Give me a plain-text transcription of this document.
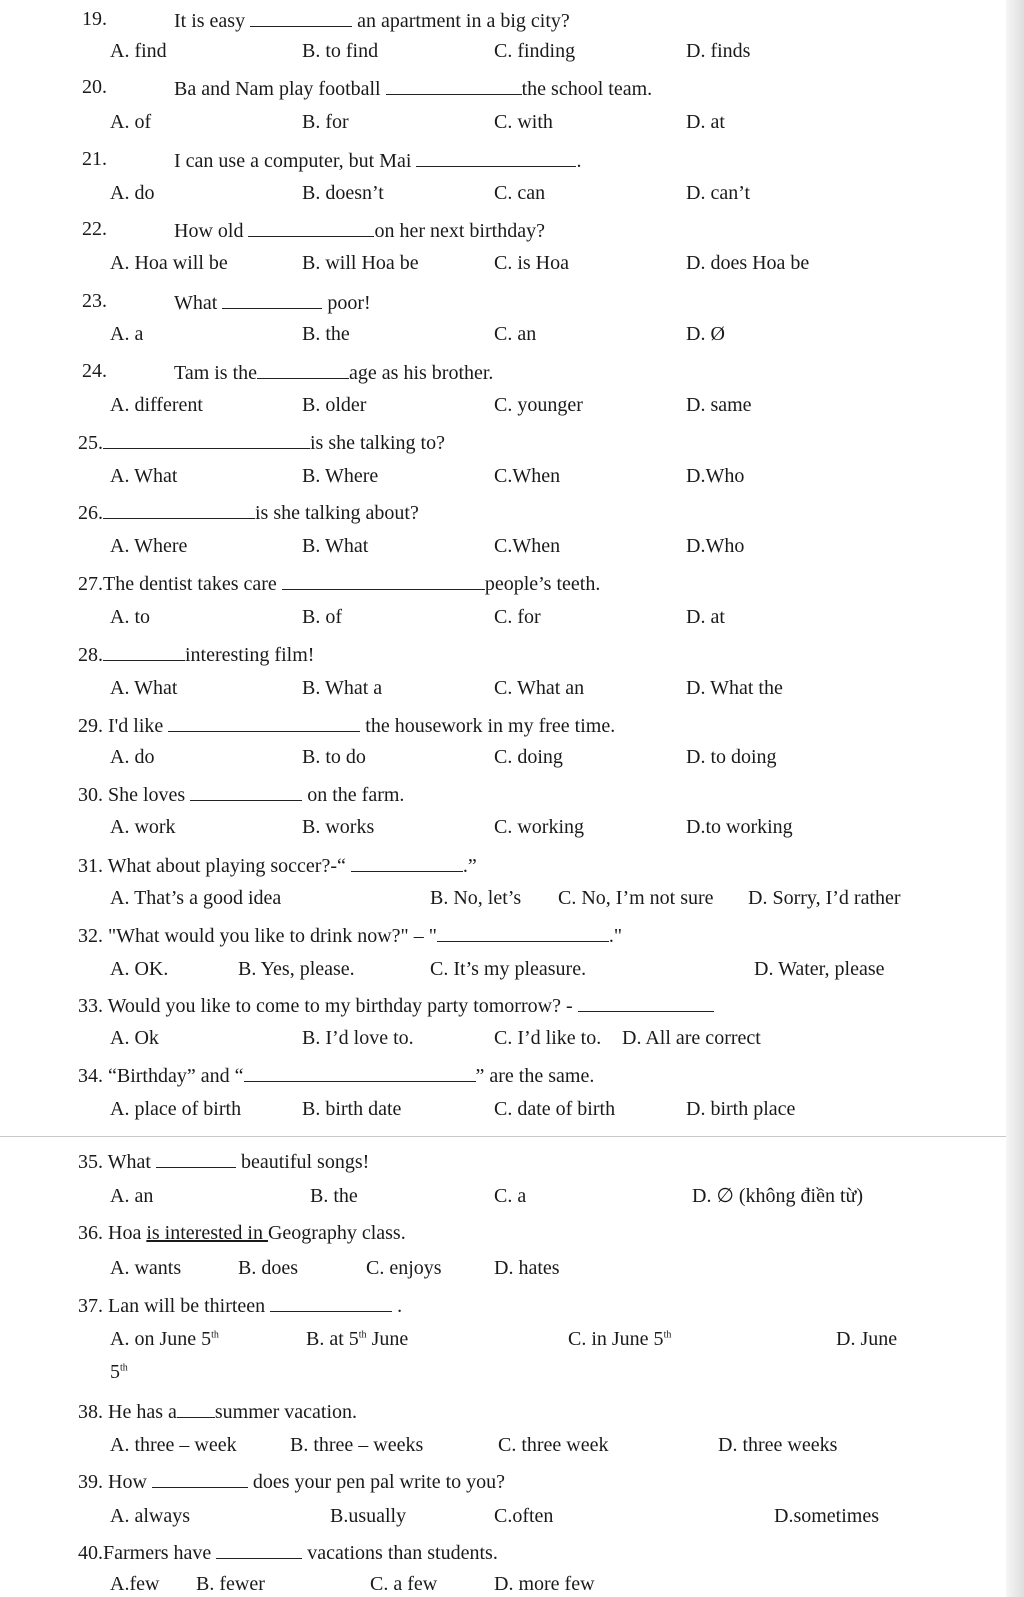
19.	It is easy	an apartment in a big city?
A. find	B. to find	C. finding	D. finds
20.	Ba and Nam play football	the school team.
A. of	B. for	C. with	D. at
21.	I can use a computer, but Mai	.
A. do	B. doesn’t	C. can	D. can’t
22.	How old	on her next birthday?
A. Hoa will be	B. will Hoa be	C. is Hoa	D. does Hoa be
23.	What	poor!
A. a	B. the	C. an	D. Ø
24.	Tam is the	age as his brother.
A. different	B. older	C. younger	D. same
25.	is she talking to?
A. What	B. Where	C.When	D.Who
26.	is she talking about?
A. Where	B. What	C.When	D.Who
27.The dentist takes care	people’s teeth.
A. to	B. of	C. for	D. at
28.	interesting film!
A. What	B. What a	C. What an	D. What the
29. I'd like	the housework in my free time.
A. do	B. to do	C. doing	D. to doing
30. She loves	on the farm.
A. work	B. works	C. working	D.to working
31. What about playing soccer?-“	.”
A. That’s a good idea	B. No, let’s C. No, I’m not sure D. Sorry, I’d rather
32. "What would you like to drink now?" – "	."
A. OK.	B. Yes, please.	C. It’s my pleasure.	D. Water, please
33. Would you like to come to my birthday party tomorrow? -
A. Ok	B. I’d love to.	C. I’d like to. D. All are correct
34. “Birthday” and “	” are the same.
A. place of birth	B. birth date	C. date of birth	D. birth place
35. What	beautiful songs!
A. an	B. the	C. a	D. ∅ (không điền từ)
36. Hoa is interested in Geography class.
A. wants	B. does	C. enjoys	D. hates
37. Lan will be thirteen	.
A. on June 5th	B. at 5th June	C. in June 5th	D. June
5th
38. He has a summer vacation.
A. three – week	B. three – weeks	C. three week	D. three weeks
39. How	does your pen pal write to you?
A. always	B.usually	C.often	D.sometimes
40.Farmers have	vacations than students.
A.few B. fewer	C. a few	D. more few
